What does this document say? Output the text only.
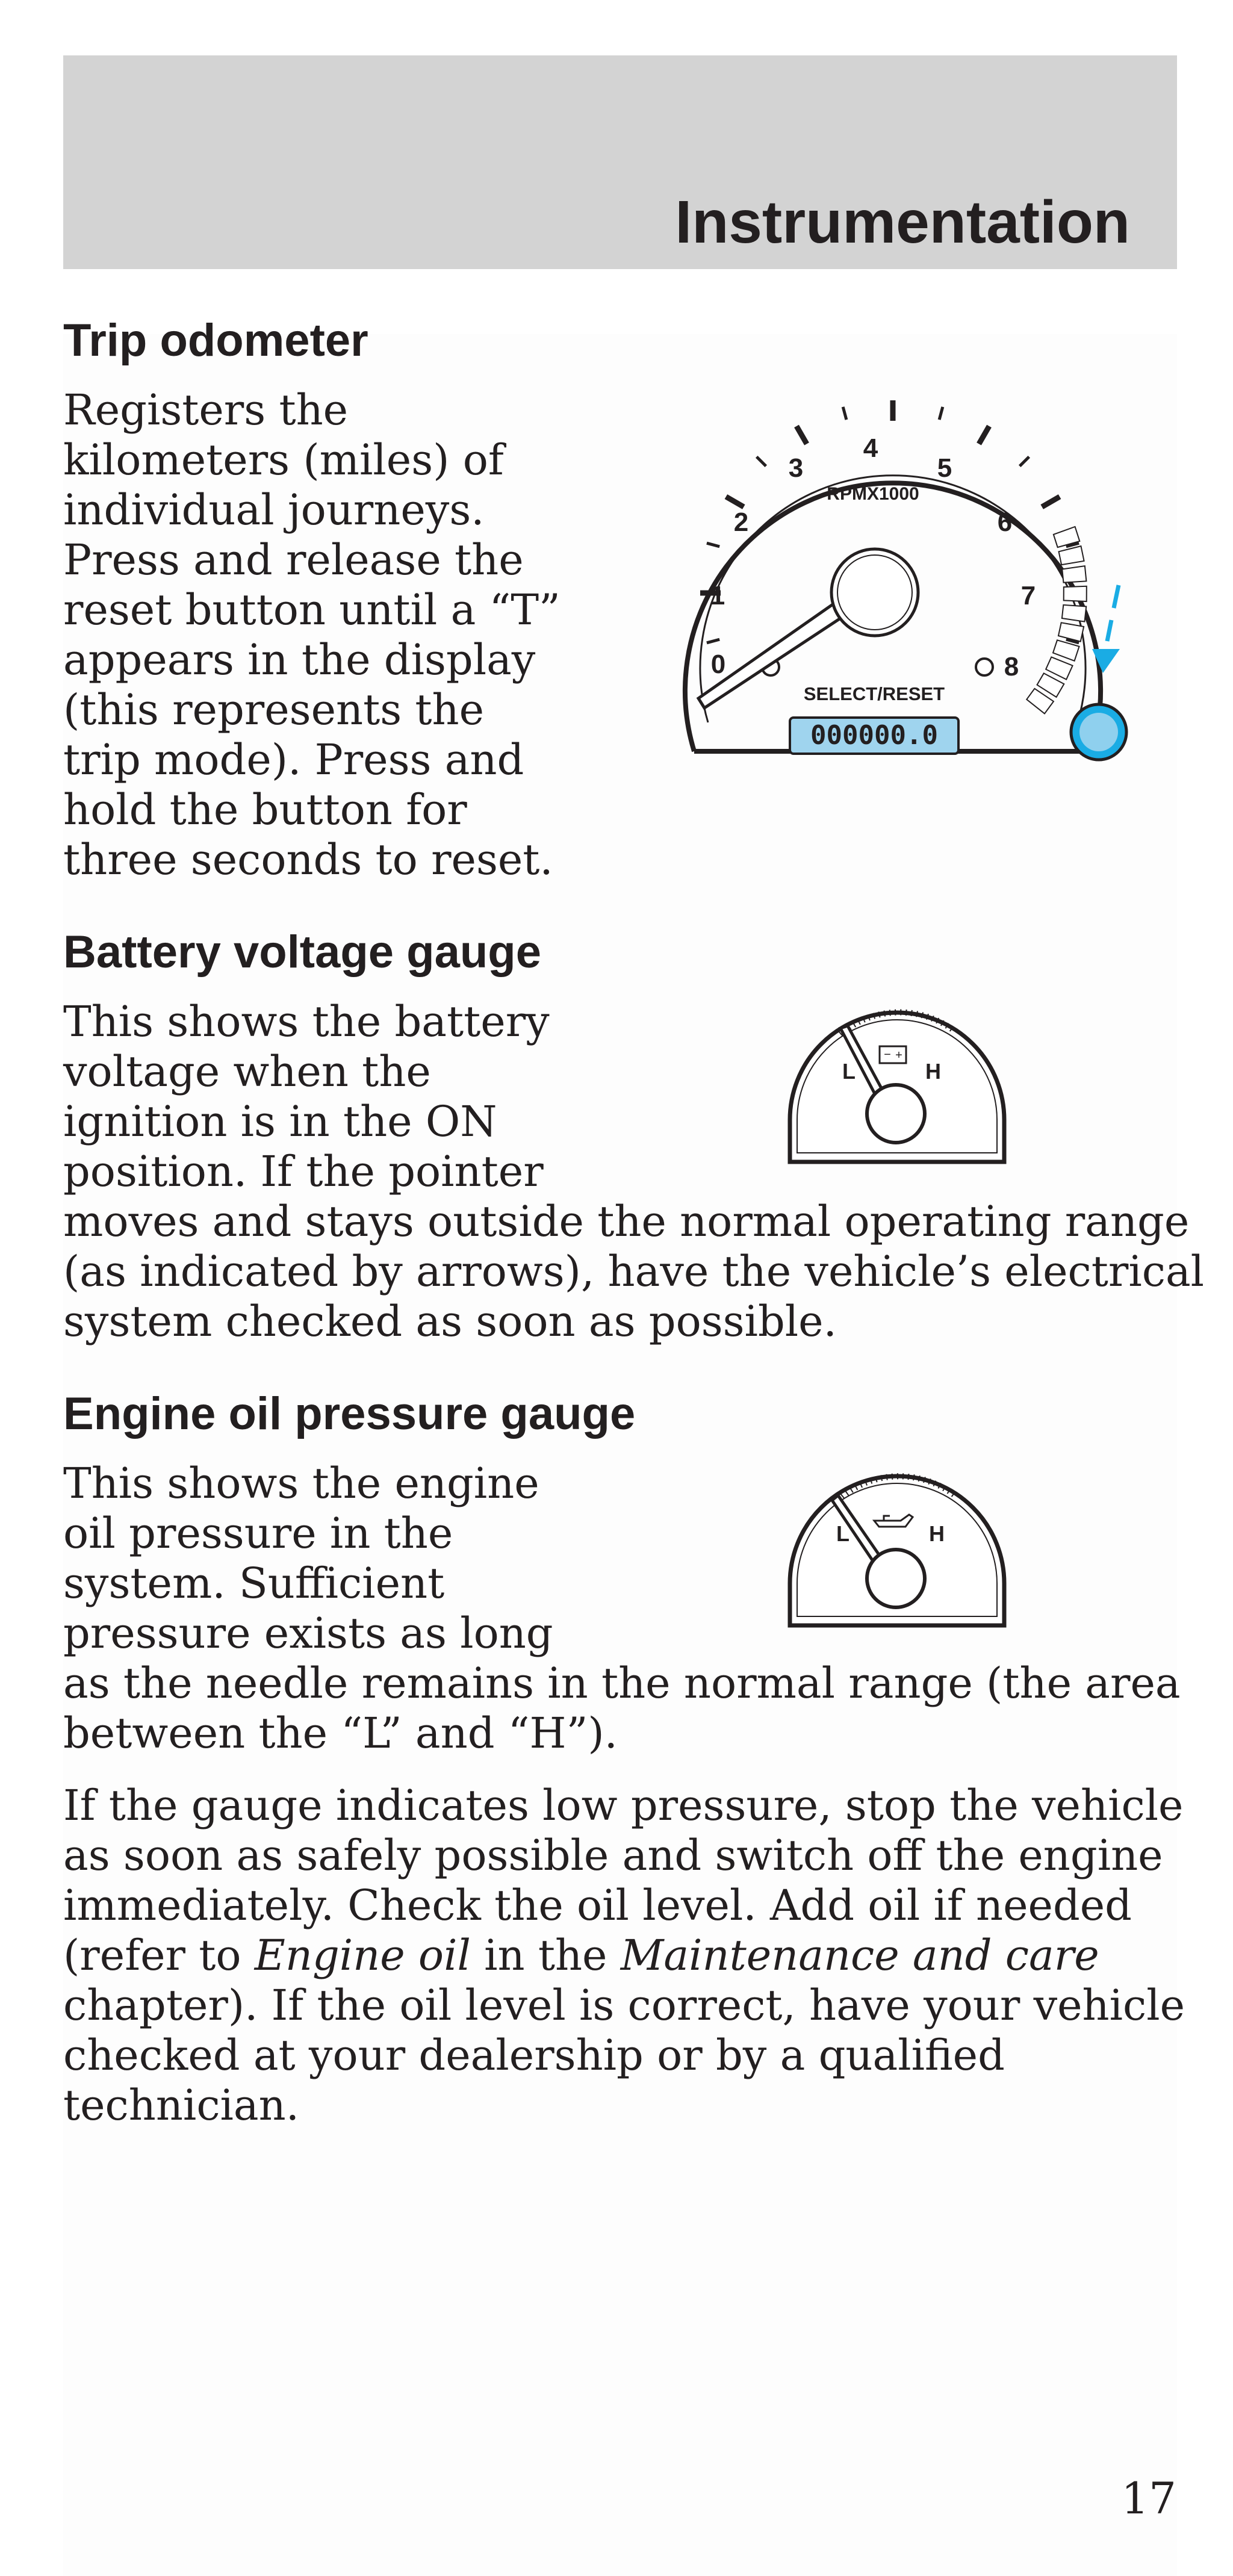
Instrumentation
Trip odometer

Registers the

kilometers (miles) of

individual journeys.

Press and release the

reset button until a “T”

appears in the display

(this represents the

trip mode). Press and

hold the button for

three seconds to reset.

0
1
2
3
4
5
6
7
8
RPMX1000
SELECT/RESET
000000.0
Battery voltage gauge

This shows the battery

voltage when the

ignition is in the ON

position. If the pointer

moves and stays outside the normal operating range

(as indicated by arrows), have the vehicle’s electrical

system checked as soon as possible.

− +
L	H
Engine oil pressure gauge

This shows the engine

oil pressure in the

system. Sufficient

pressure exists as long

as the needle remains in the normal range (the area

between the “L” and “H”).

L	H

If the gauge indicates low pressure, stop the vehicle

as soon as safely possible and switch off the engine

immediately. Check the oil level. Add oil if needed

(refer to Engine oil in the Maintenance and care

chapter). If the oil level is correct, have your vehicle

checked at your dealership or by a qualified

technician.

17
